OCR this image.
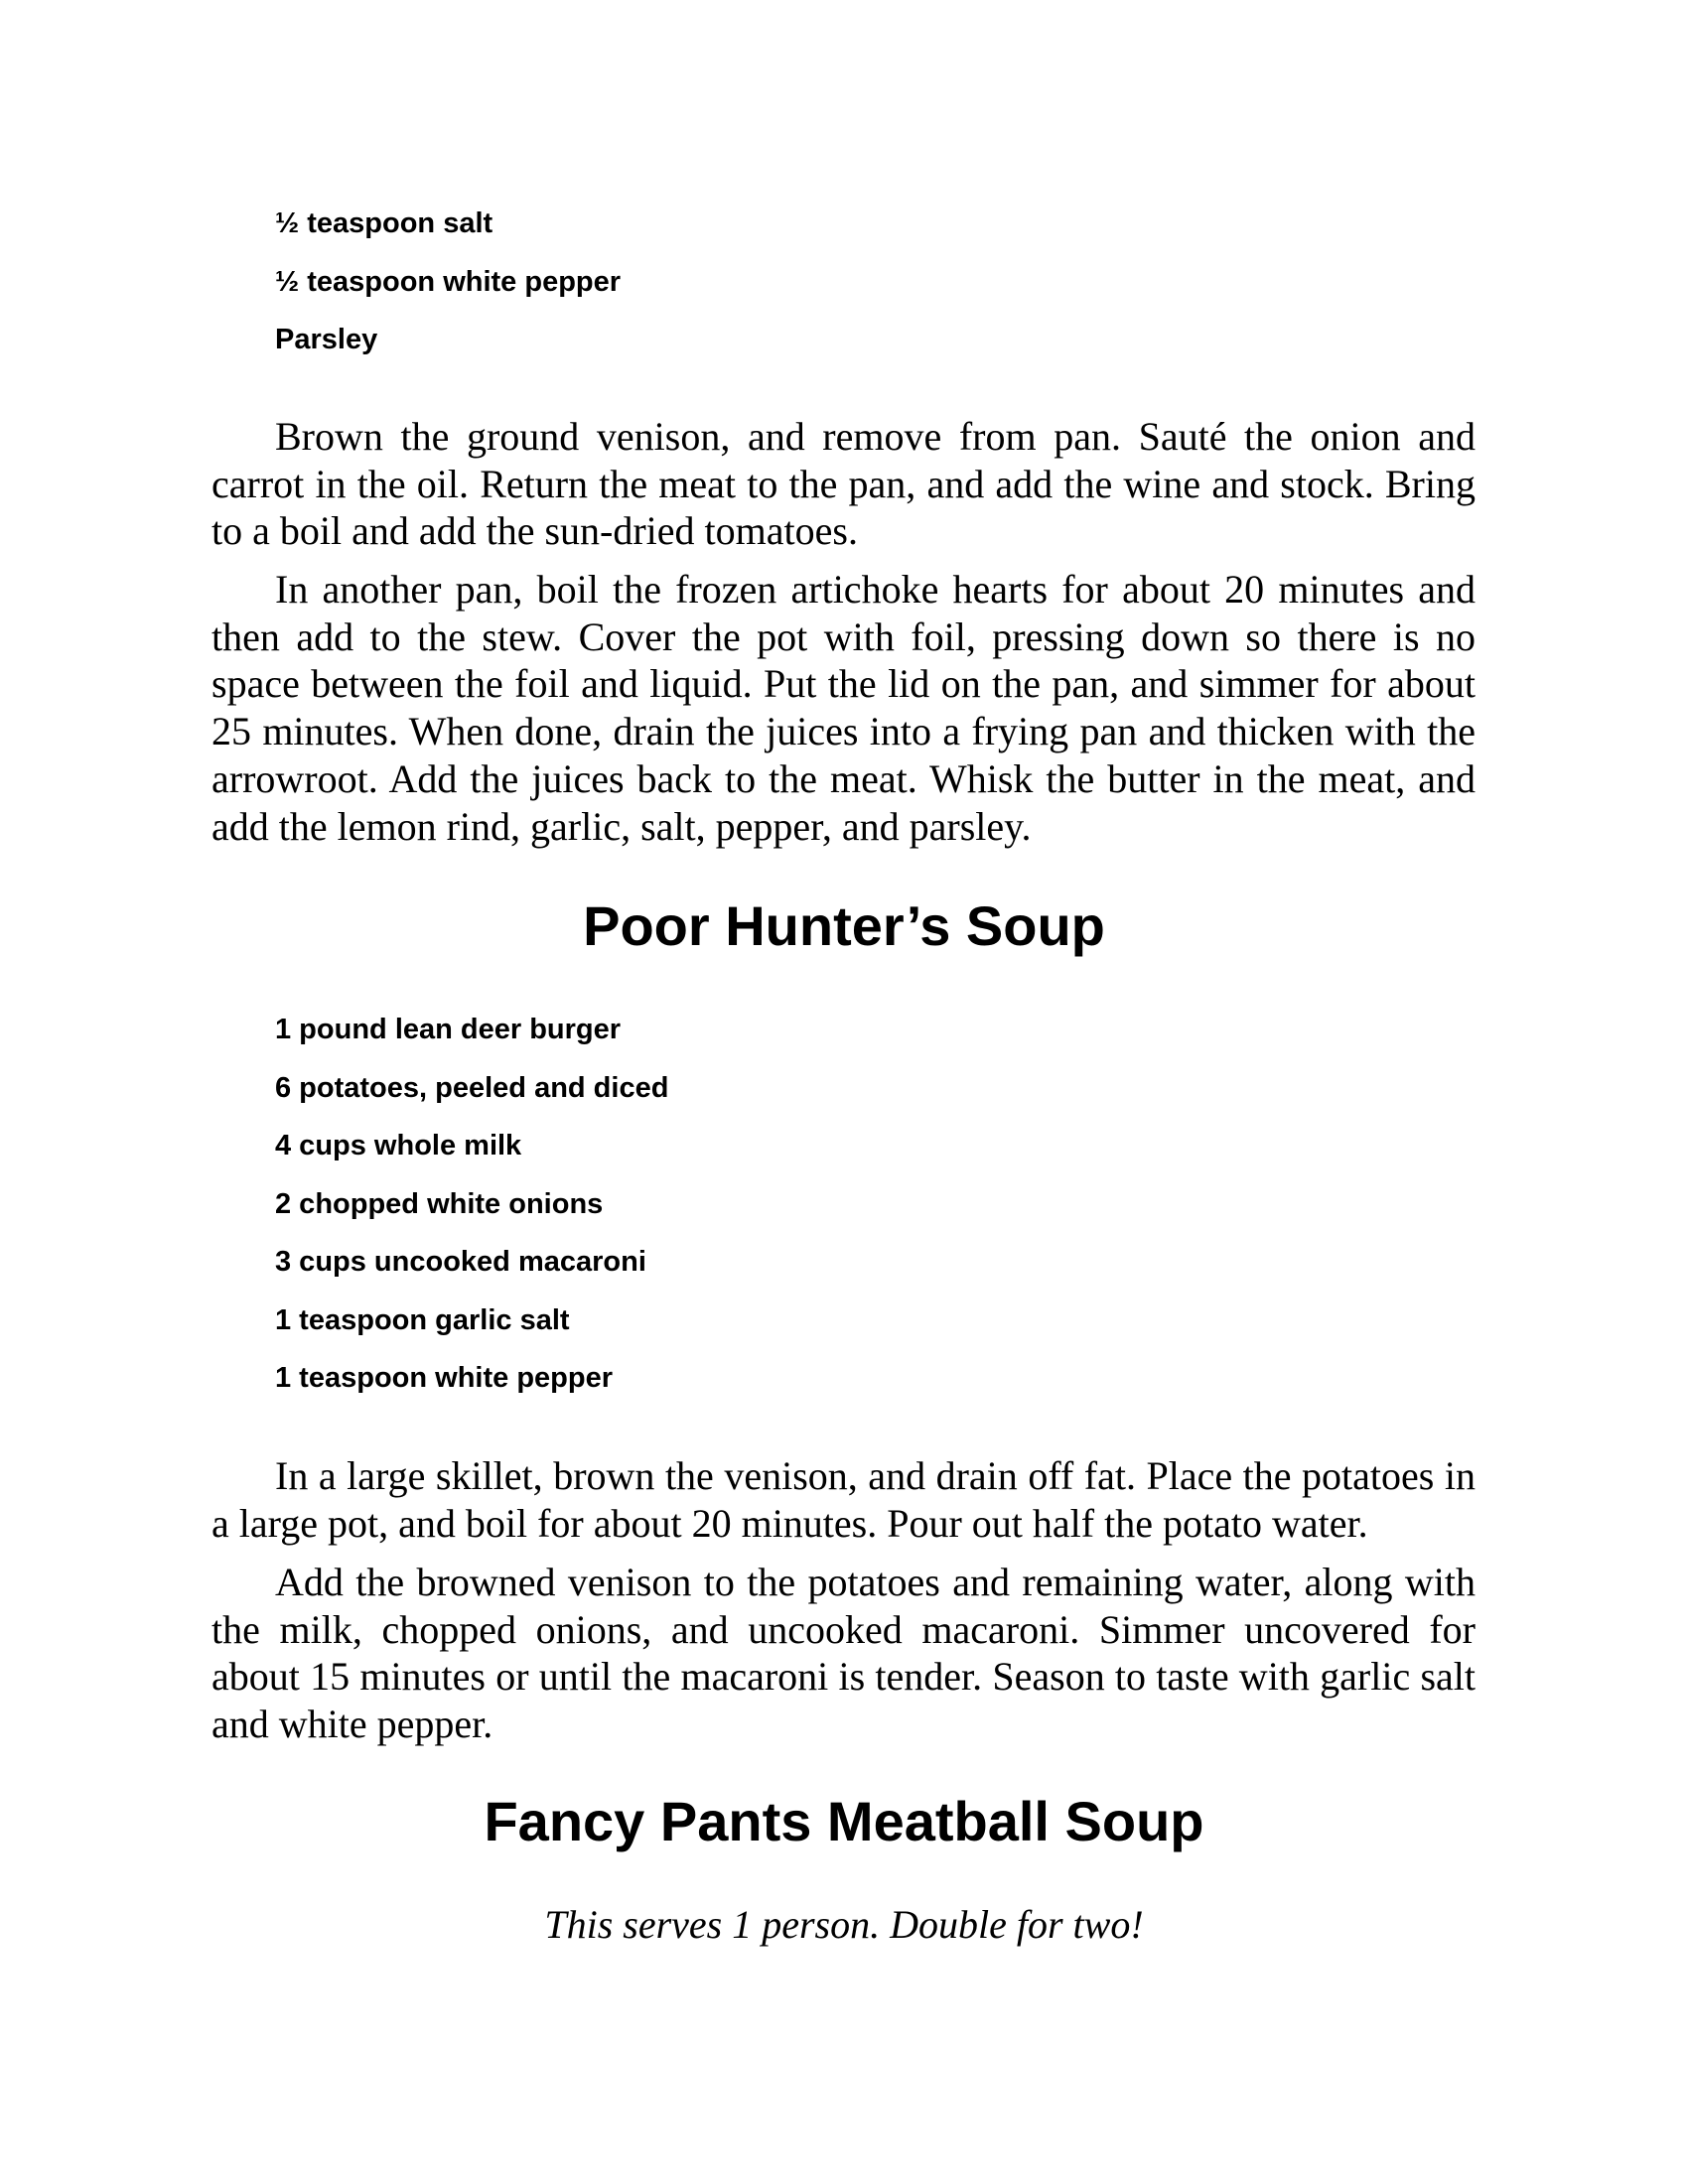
½ teaspoon salt
½ teaspoon white pepper
Parsley

Brown the ground venison, and remove from pan. Sauté the onion and carrot in the oil. Return the meat to the pan, and add the wine and stock. Bring to a boil and add the sun-dried tomatoes.

In another pan, boil the frozen artichoke hearts for about 20 minutes and then add to the stew. Cover the pot with foil, pressing down so there is no space between the foil and liquid. Put the lid on the pan, and simmer for about 25 minutes. When done, drain the juices into a frying pan and thicken with the arrowroot. Add the juices back to the meat. Whisk the butter in the meat, and add the lemon rind, garlic, salt, pepper, and parsley.

Poor Hunter’s Soup
1 pound lean deer burger
6 potatoes, peeled and diced
4 cups whole milk
2 chopped white onions
3 cups uncooked macaroni
1 teaspoon garlic salt
1 teaspoon white pepper

In a large skillet, brown the venison, and drain off fat. Place the potatoes in a large pot, and boil for about 20 minutes. Pour out half the potato water.

Add the browned venison to the potatoes and remaining water, along with the milk, chopped onions, and uncooked macaroni. Simmer uncovered for about 15 minutes or until the macaroni is tender. Season to taste with garlic salt and white pepper.

Fancy Pants Meatball Soup

This serves 1 person. Double for two!
